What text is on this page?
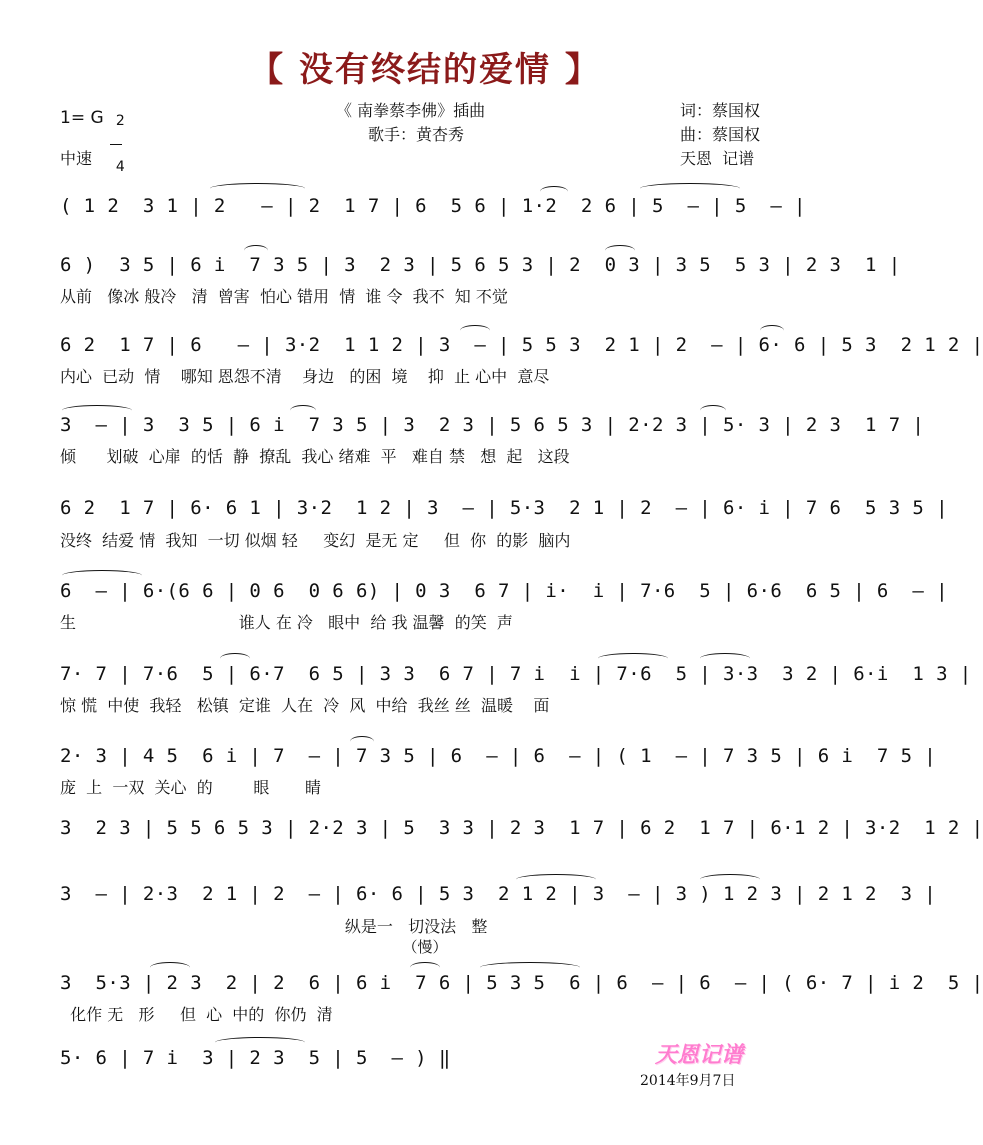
【 没有终结的爱情 】
《 南拳蔡李佛》插曲
歌手：黄杏秀
词：蔡国权
曲：蔡国权
天恩  记谱
1= G 2

4

中速
( 1 2  3 1 | 2   — | 2  1 7 | 6  5 6 | 1·2  2 6 | 5  — | 5  — |
6 )  3 5 | 6 i  7 3 5 | 3  2 3 | 5 6 5 3 | 2  0 3 | 3 5  5 3 | 2 3  1 |
从前   像冰 般冷   清  曾害  怕心 错用  情  谁 令  我不  知 不觉
6 2  1 7 | 6   — | 3·2  1 1 2 | 3  — | 5 5 3  2 1 | 2  — | 6· 6 | 5 3  2 1 2 |
内心  已动  情    哪知 恩怨不清    身边   的困  境    抑  止 心中  意尽
3  — | 3  3 5 | 6 i  7 3 5 | 3  2 3 | 5 6 5 3 | 2·2 3 | 5· 3 | 2 3  1 7 |
倾      划破  心扉  的恬  静  撩乱  我心 绪难  平   难自 禁   想  起   这段
6 2  1 7 | 6· 6 1 | 3·2  1 2 | 3  — | 5·3  2 1 | 2  — | 6· i | 7 6  5 3 5 |
没终  结爱 情  我知  一切 似烟 轻     变幻  是无 定     但  你  的影  脑内
6  — | 6·(6 6 | 0 6  0 6 6) | 0 3  6 7 | i·  i | 7·6  5 | 6·6  6 5 | 6  — |
生                                谁人 在 冷   眼中  给 我 温馨  的笑  声
7· 7 | 7·6  5 | 6·7  6 5 | 3 3  6 7 | 7 i  i | 7·6  5 | 3·3  3 2 | 6·i  1 3 |
惊 慌  中使  我轻   松镇  定谁  人在  冷  风  中给  我丝 丝  温暖    面
2· 3 | 4 5  6 i | 7  — | 7 3 5 | 6  — | 6  — | ( 1  — | 7 3 5 | 6 i  7 5 |
庞  上  一双  关心  的        眼       睛
3  2 3 | 5 5 6 5 3 | 2·2 3 | 5  3 3 | 2 3  1 7 | 6 2  1 7 | 6·1 2 | 3·2  1 2 |
3  — | 2·3  2 1 | 2  — | 6· 6 | 5 3  2 1 2 | 3  — | 3 ) 1 2 3 | 2 1 2  3 |
纵是一   切没法   整
（慢）
3  5·3 | 2 3  2 | 2  6 | 6 i  7 6 | 5 3 5  6 | 6  — | 6  — | ( 6· 7 | i 2  5 |
化作 无   形     但  心  中的  你仍  清
5· 6 | 7 i  3 | 2 3  5 | 5  — ) ‖	天恩记谱
2014年9月7日
